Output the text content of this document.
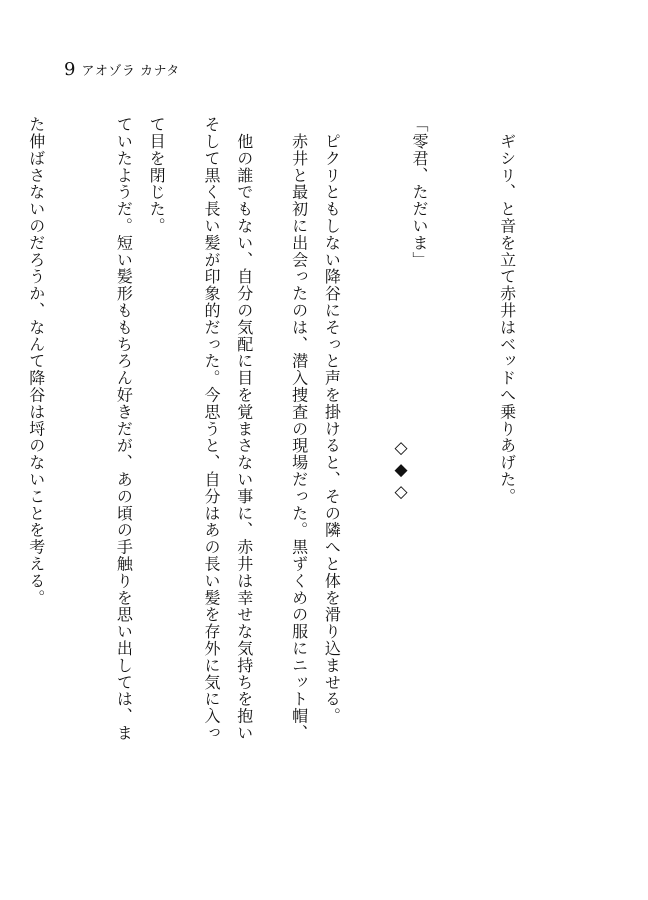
9 アオゾラ カナタ

　ギシリ、と音を立て赤井はベッドへ乗りあげた。

「零君、ただいま」

　ピクリともしない降谷にそっと声を掛けると、その隣へと体を滑り込ませる。

　他の誰でもない、自分の気配に目を覚まさない事に、赤井は幸せな気持ちを抱い

て目を閉じた。

◇◆◇

　赤井と最初に出会ったのは、潜入捜査の現場だった。黒ずくめの服にニット帽、

そして黒く長い髪が印象的だった。今思うと、自分はあの長い髪を存外に気に入っ

ていたようだ。短い髪形ももちろん好きだが、あの頃の手触りを思い出しては、ま

た伸ばさないのだろうか、なんて降谷は埒のないことを考える。
